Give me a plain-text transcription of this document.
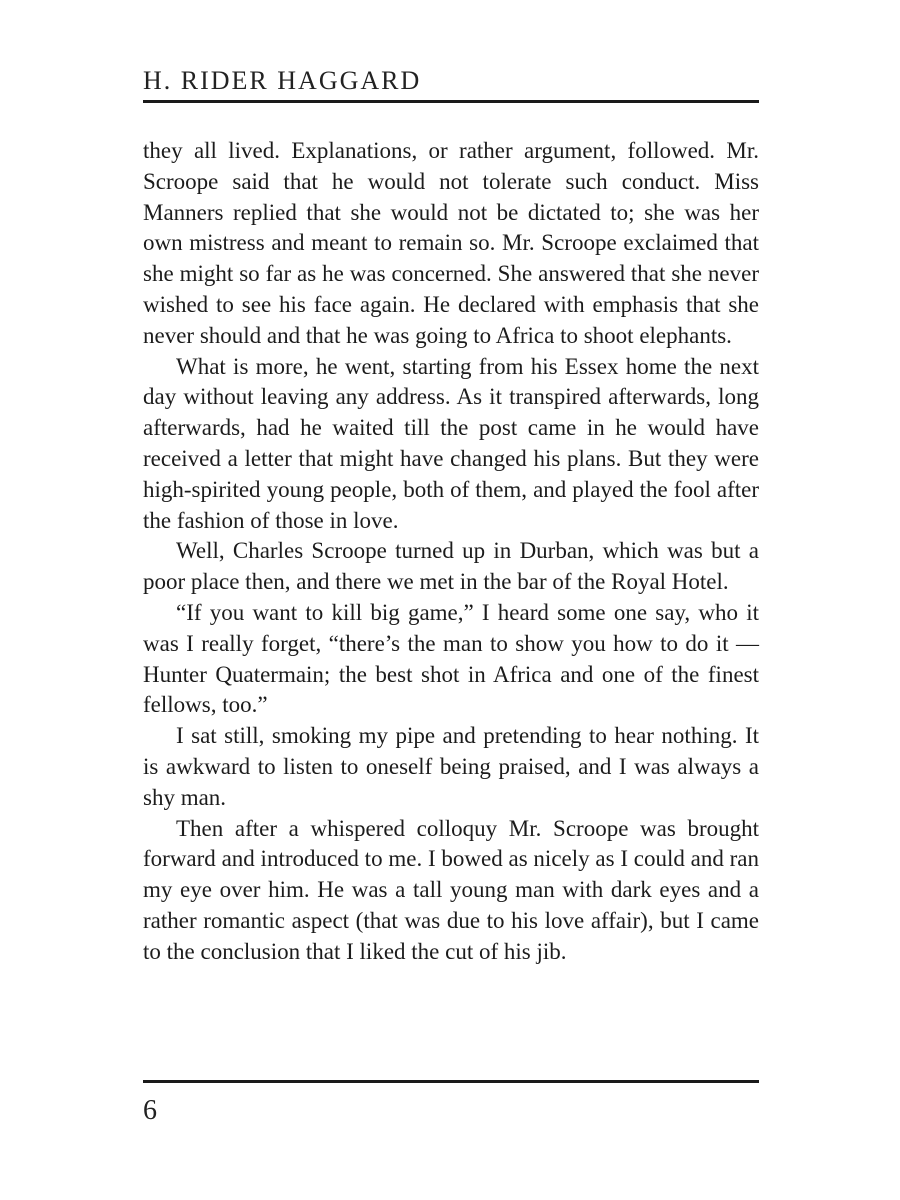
H. RIDER HAGGARD

they all lived. Explanations, or rather argument, followed. Mr. Scroope said that he would not tolerate such conduct. Miss Manners replied that she would not be dictated to; she was her own mistress and meant to remain so. Mr. Scroope exclaimed that she might so far as he was concerned. She answered that she never wished to see his face again. He declared with emphasis that she never should and that he was going to Africa to shoot elephants.

What is more, he went, starting from his Essex home the next day without leaving any address. As it transpired afterwards, long afterwards, had he waited till the post came in he would have received a letter that might have changed his plans. But they were high-spirited young people, both of them, and played the fool after the fashion of those in love.

Well, Charles Scroope turned up in Durban, which was but a poor place then, and there we met in the bar of the Royal Hotel.

“If you want to kill big game,” I heard some one say, who it was I really forget, “there’s the man to show you how to do it — Hunter Quatermain; the best shot in Africa and one of the finest fellows, too.”

I sat still, smoking my pipe and pretending to hear nothing. It is awkward to listen to oneself being praised, and I was always a shy man.

Then after a whispered colloquy Mr. Scroope was brought forward and introduced to me. I bowed as nicely as I could and ran my eye over him. He was a tall young man with dark eyes and a rather romantic aspect (that was due to his love affair), but I came to the conclusion that I liked the cut of his jib.

6
